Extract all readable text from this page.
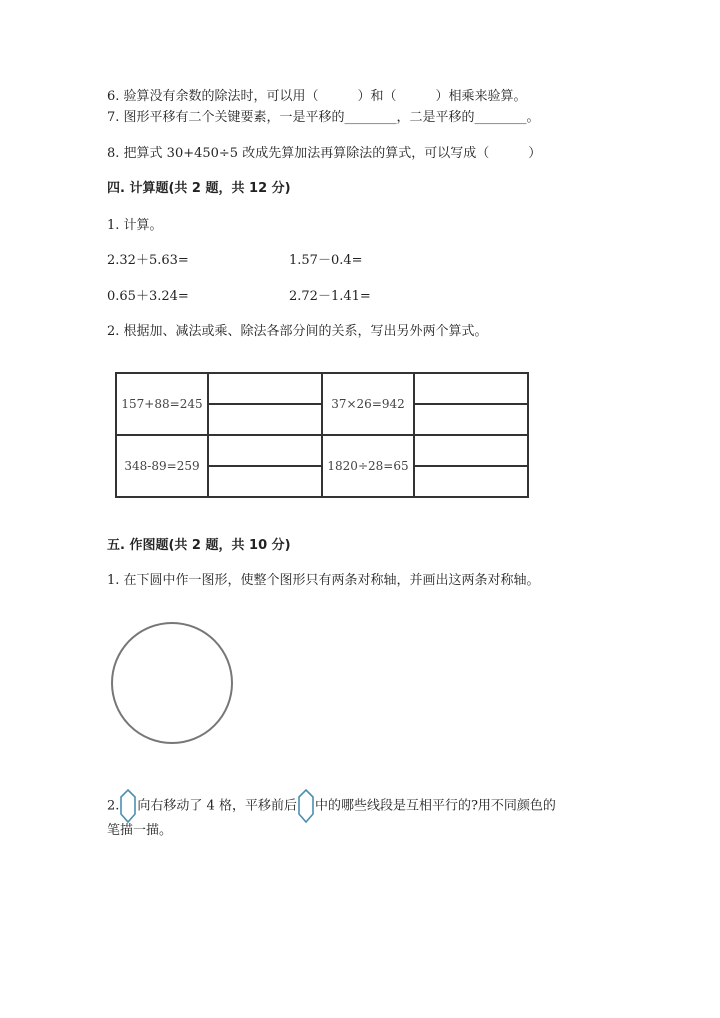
6. 验算没有余数的除法时，可以用（　　　）和（　　　）相乘来验算。
7. 图形平移有二个关键要素，一是平移的________，二是平移的________。
8. 把算式 30+450÷5 改成先算加法再算除法的算式，可以写成（　　　）
四. 计算题(共 2 题，共 12 分)
1. 计算。
2.32＋5.63=	1.57－0.4=
0.65＋3.24=	2.72－1.41=
2. 根据加、减法或乘、除法各部分间的关系，写出另外两个算式。
157+88=245		37×26=942	

348-89=259		1820÷28=65	

五. 作图题(共 2 题，共 10 分)
1. 在下圆中作一图形，使整个图形只有两条对称轴，并画出这两条对称轴。
2. 向右移动了 4 格，平移前后 中的哪些线段是互相平行的?用不同颜色的
笔描一描。
